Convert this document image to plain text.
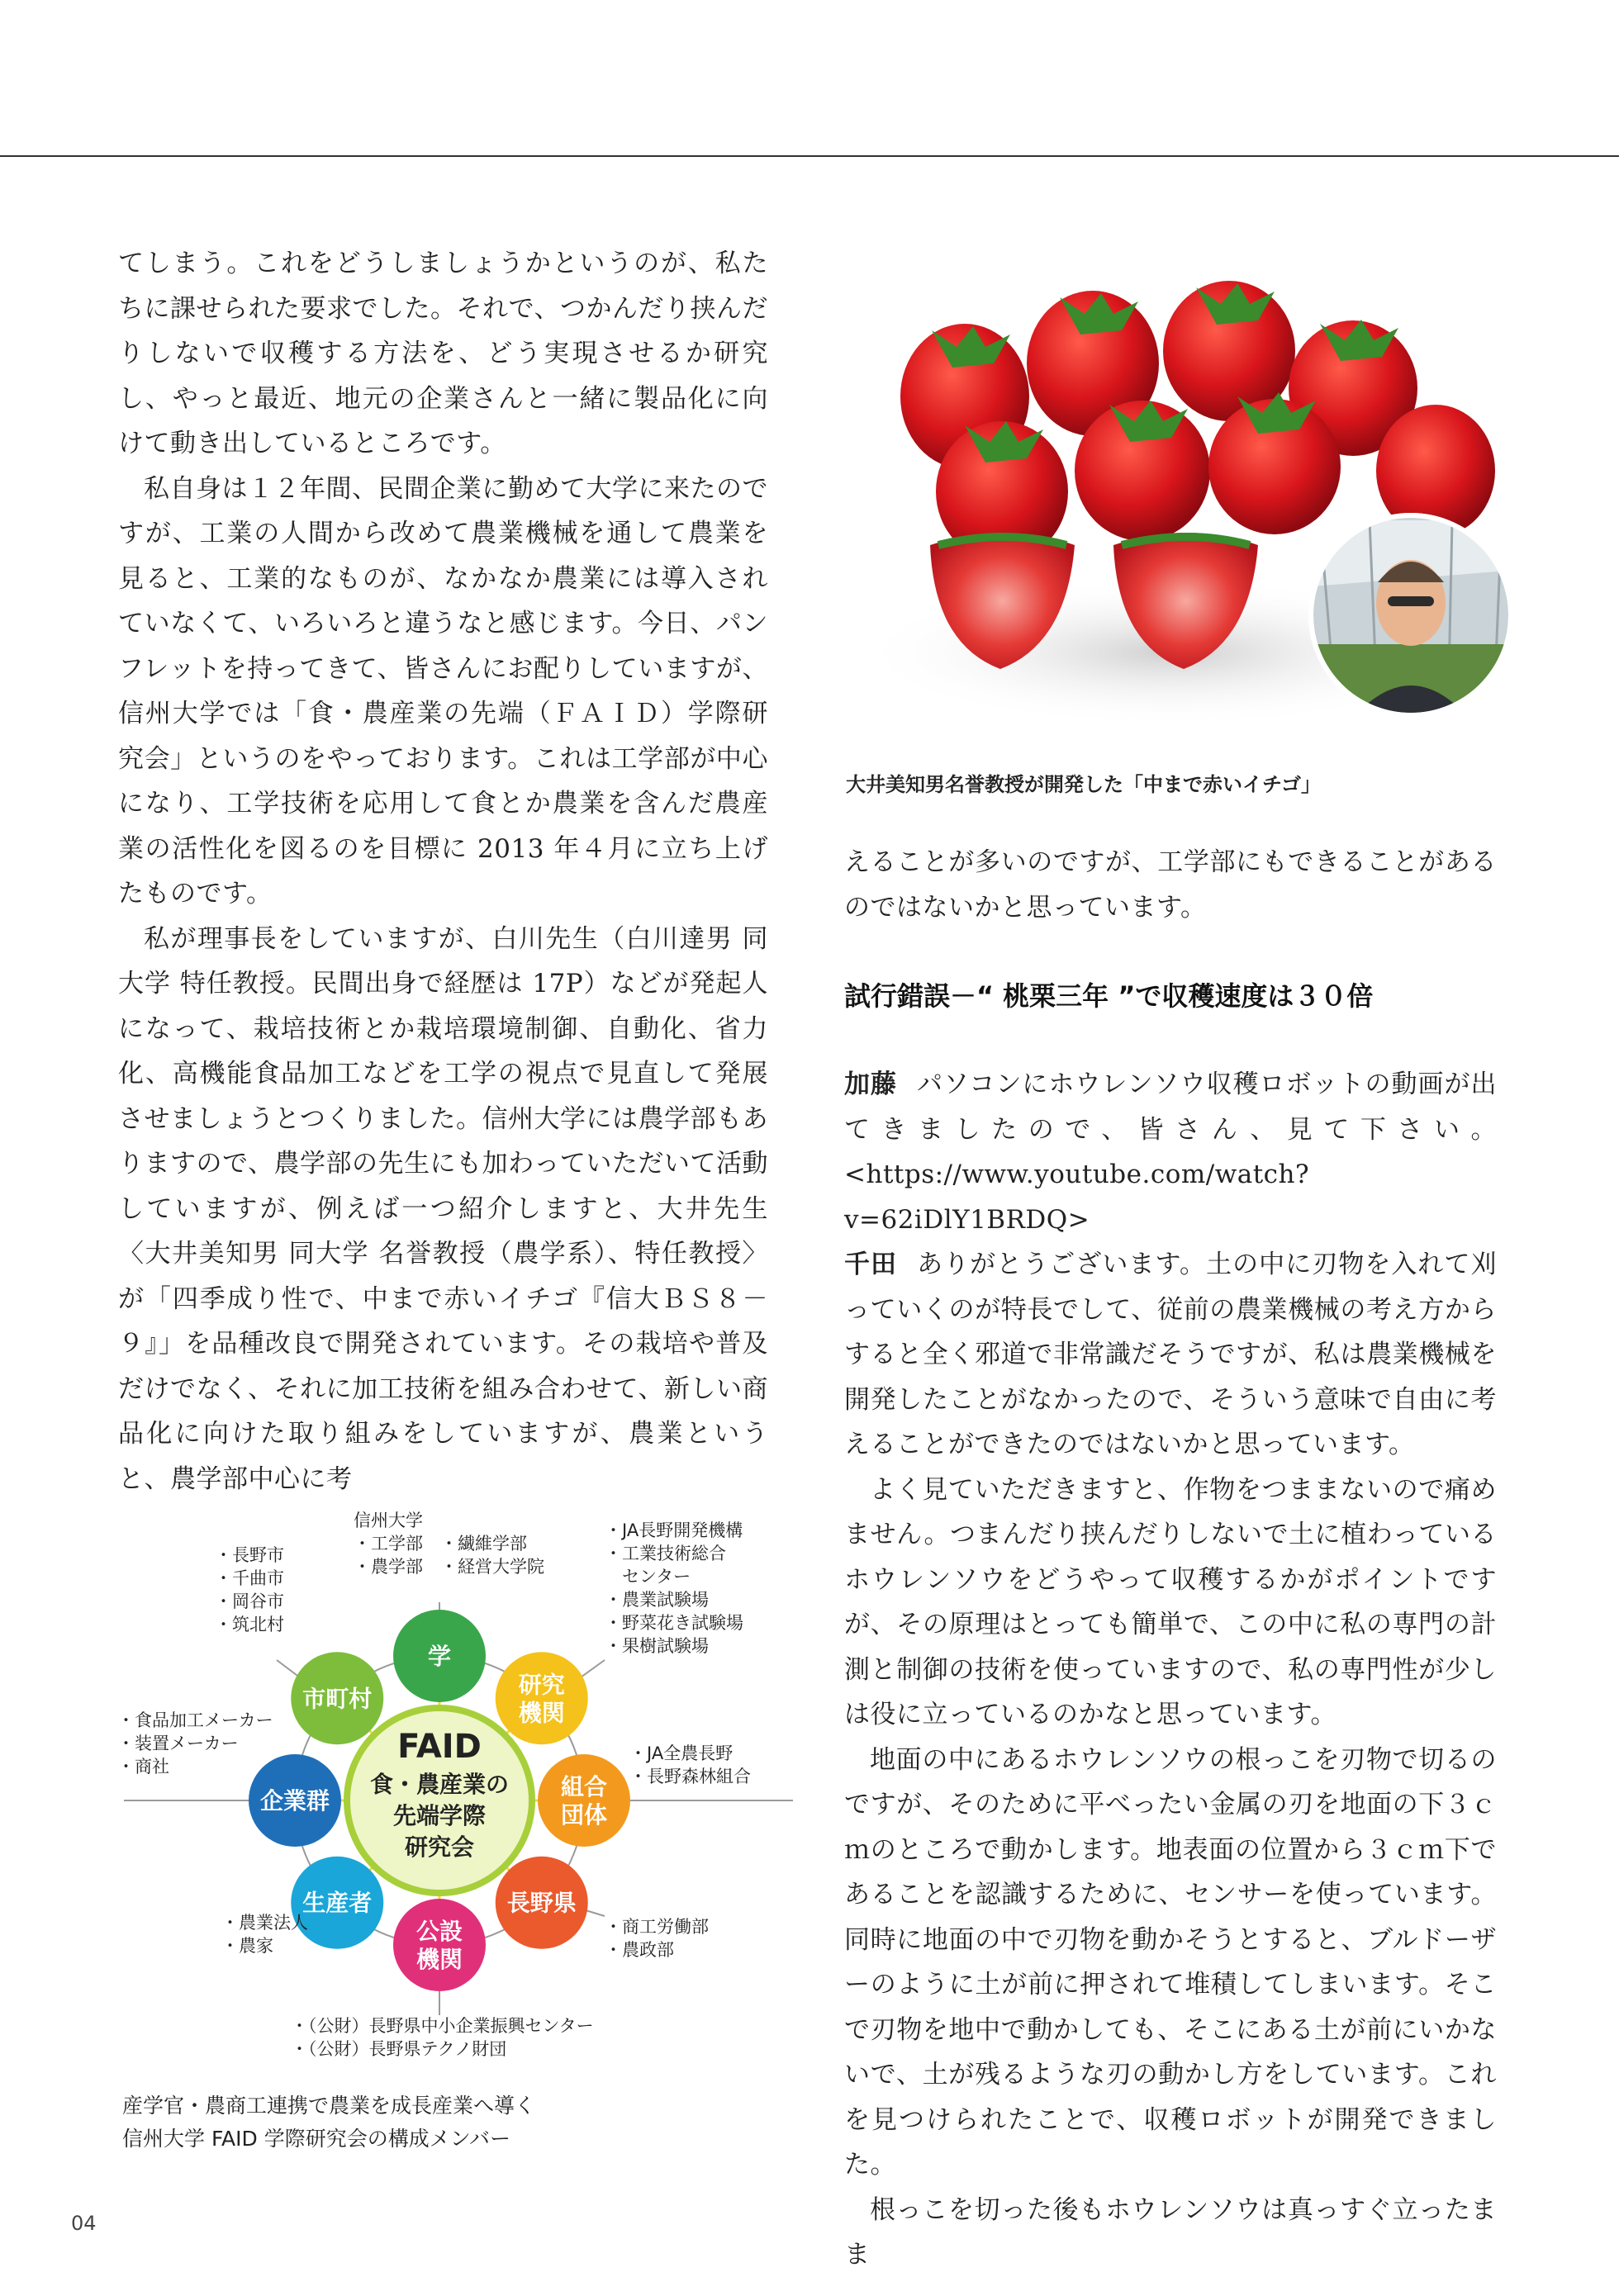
てしまう。これをどうしましょうかというのが、私たちに課せられた要求でした。それで、つかんだり挟んだりしないで収穫する方法を、どう実現させるか研究し、やっと最近、地元の企業さんと一緒に製品化に向けて動き出しているところです。

私自身は１２年間、民間企業に勤めて大学に来たのですが、工業の人間から改めて農業機械を通して農業を見ると、工業的なものが、なかなか農業には導入されていなくて、いろいろと違うなと感じます。今日、パンフレットを持ってきて、皆さんにお配りしていますが、信州大学では「食・農産業の先端（ＦＡＩＤ）学際研究会」というのをやっております。これは工学部が中心になり、工学技術を応用して食とか農業を含んだ農産業の活性化を図るのを目標に 2013 年４月に立ち上げたものです。

私が理事長をしていますが、白川先生（白川達男 同大学 特任教授。民間出身で経歴は 17P）などが発起人になって、栽培技術とか栽培環境制御、自動化、省力化、高機能食品加工などを工学の視点で見直して発展させましょうとつくりました。信州大学には農学部もありますので、農学部の先生にも加わっていただいて活動していますが、例えば一つ紹介しますと、大井先生〈大井美知男 同大学 名誉教授（農学系）、特任教授〉が「四季成り性で、中まで赤いイチゴ『信大ＢＳ８－９』」を品種改良で開発されています。その栽培や普及だけでなく、それに加工技術を組み合わせて、新しい商品化に向けた取り組みをしていますが、農業というと、農学部中心に考

大井美知男名誉教授が開発した「中まで赤いイチゴ」

えることが多いのですが、工学部にもできることがあるのではないかと思っています。

試行錯誤－“ 桃栗三年 ”で収穫速度は３０倍

加藤 パソコンにホウレンソウ収穫ロボットの動画が出てきましたので、皆さん、見て下さい。<https://www.youtube.com/watch?v=62iDlY1BRDQ>

千田 ありがとうございます。土の中に刃物を入れて刈っていくのが特長でして、従前の農業機械の考え方からすると全く邪道で非常識だそうですが、私は農業機械を開発したことがなかったので、そういう意味で自由に考えることができたのではないかと思っています。

よく見ていただきますと、作物をつままないので痛めません。つまんだり挟んだりしないで土に植わっているホウレンソウをどうやって収穫するかがポイントですが、その原理はとっても簡単で、この中に私の専門の計測と制御の技術を使っていますので、私の専門性が少しは役に立っているのかなと思っています。

地面の中にあるホウレンソウの根っこを刃物で切るのですが、そのために平べったい金属の刃を地面の下３ｃｍのところで動かします。地表面の位置から３ｃｍ下であることを認識するために、センサーを使っています。同時に地面の中で刃物を動かそうとすると、ブルドーザーのように土が前に押されて堆積してしまいます。そこで刃物を地中で動かしても、そこにある土が前にいかないで、土が残るような刃の動かし方をしています。これを見つけられたことで、収穫ロボットが開発できました。

根っこを切った後もホウレンソウは真っすぐ立ったまま

学
研究
機関
組合
団体
長野県
公設
機関
生産者
企業群
市町村
FAID
食・農産業の
先端学際
研究会
信州大学
・工学部　・繊維学部
・農学部　・経営大学院
・JA長野開発機構
・工業技術総合
　センター
・農業試験場
・野菜花き試験場
・果樹試験場
・JA全農長野
・長野森林組合
・商工労働部
・農政部
・（公財）長野県中小企業振興センター
・（公財）長野県テクノ財団
・農業法人
・農家
・食品加工メーカー
・装置メーカー
・商社
・長野市
・千曲市
・岡谷市
・筑北村
産学官・農商工連携で農業を成長産業へ導く
信州大学 FAID 学際研究会の構成メンバー
04
